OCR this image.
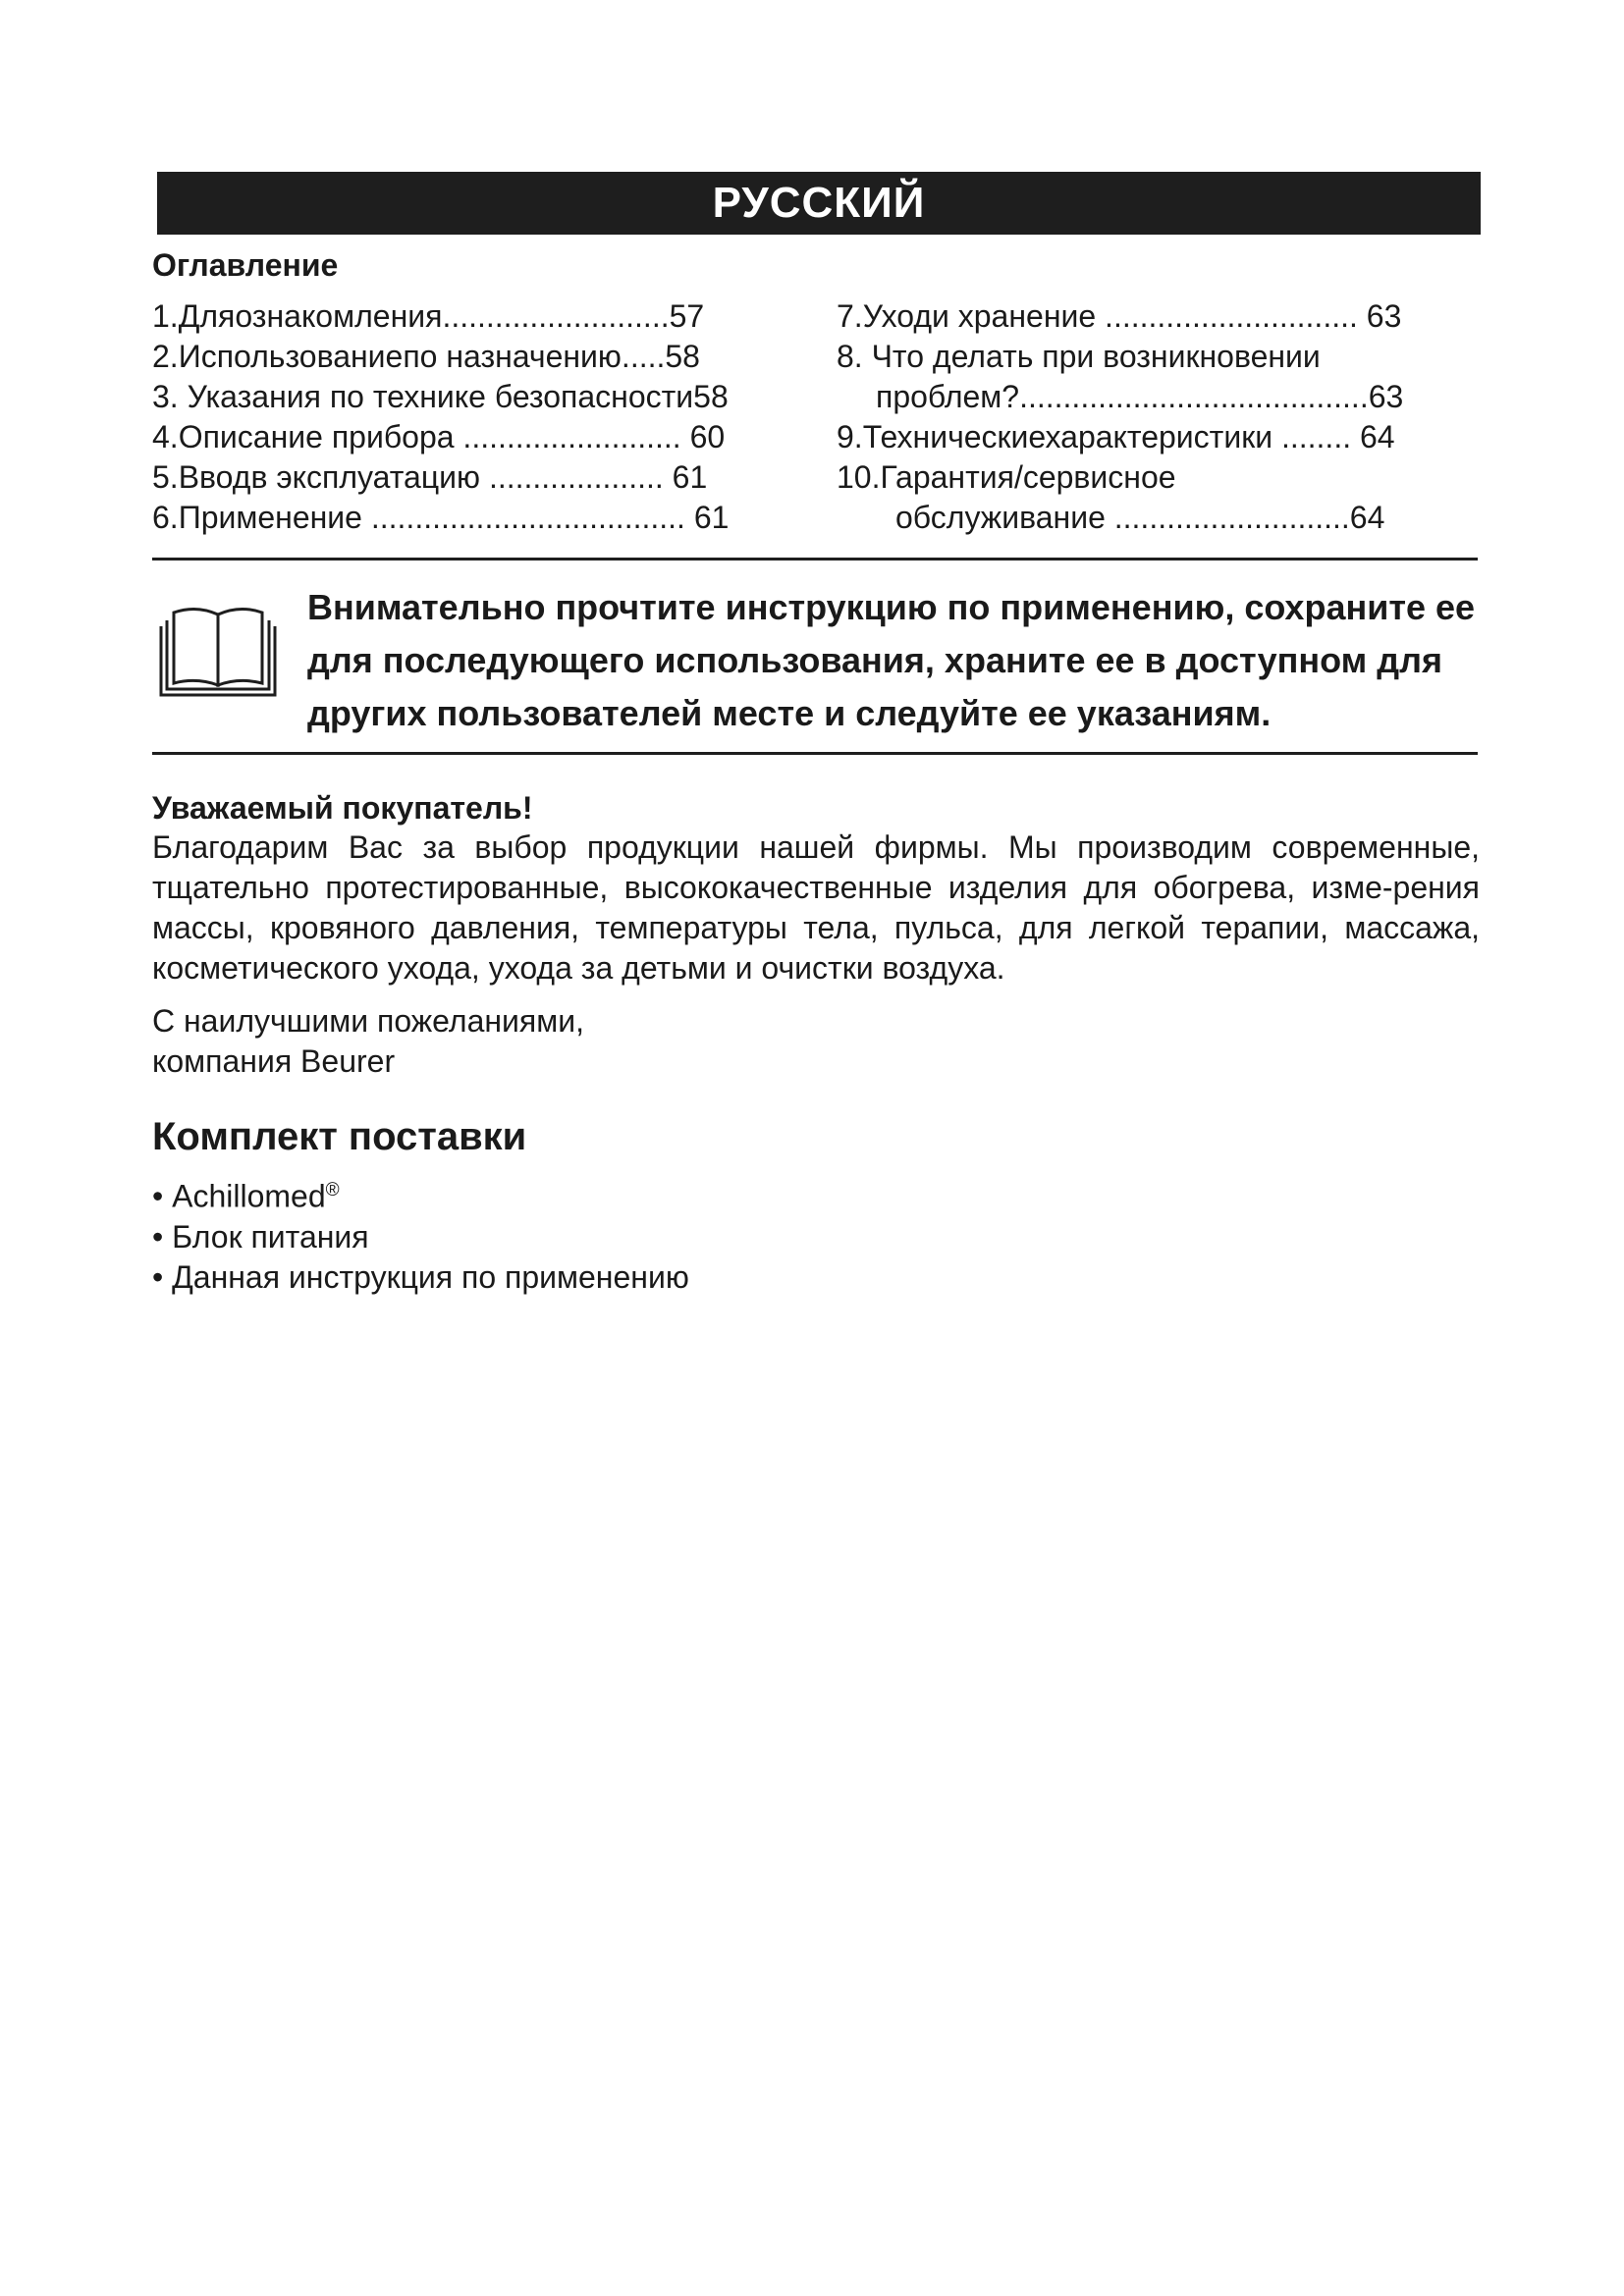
РУССКИЙ
Оглавление
1.Дляознакомления..........................57
2.Использованиепо назначению.....58
3. Указания по технике безопасности58
4.Описание прибора ......................... 60
5.Вводв эксплуатацию .................... 61
6.Применение .................................... 61
7.Уходи хранение ............................. 63
8. Что делать при возникновении
проблем?........................................63
9.Техническиехарактеристики ........ 64
10.Гарантия/сервисное
обслуживание ...........................64
Внимательно прочтите инструкцию по применению, сохраните ее для последующего использования, храните ее в доступном для других пользователей месте и следуйте ее указаниям.
Уважаемый покупатель!
Благодарим Вас за выбор продукции нашей фирмы. Мы производим современные, тщательно протестированные, высококачественные изделия для обогрева, изме-рения массы, кровяного давления, температуры тела, пульса, для легкой терапии, массажа, косметического ухода, ухода за детьми и очистки воздуха.
С наилучшими пожеланиями,
компания Beurer
Комплект поставки
• Achillomed®
• Блок питания
• Данная инструкция по применению
